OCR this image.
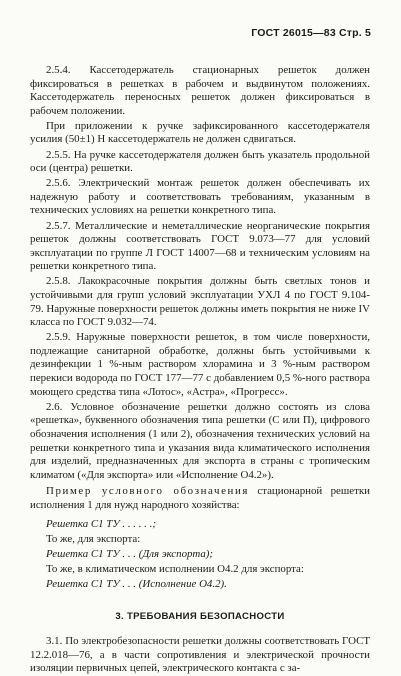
ГОСТ 26015—83 Стр. 5

2.5.4. Кассетодержатель стационарных решеток должен фиксироваться в решетках в рабочем и выдвинутом положениях. Кассетодержатель переносных решеток должен фиксироваться в рабочем положении.

При приложении к ручке зафиксированного кассетодержателя усилия (50±1) Н кассетодержатель не должен сдвигаться.

2.5.5. На ручке кассетодержателя должен быть указатель продольной оси (центра) решетки.

2.5.6. Электрический монтаж решеток должен обеспечивать их надежную работу и соответствовать требованиям, указанным в технических условиях на решетки конкретного типа.

2.5.7. Металлические и неметаллические неорганические покрытия решеток должны соответствовать ГОСТ 9.073—77 для условий эксплуатации по группе Л ГОСТ 14007—68 и техническим условиям на решетки конкретного типа.

2.5.8. Лакокрасочные покрытия должны быть светлых тонов и устойчивыми для групп условий эксплуатации УХЛ 4 по ГОСТ 9.104-79. Наружные поверхности решеток должны иметь покрытия не ниже IV класса по ГОСТ 9.032—74.

2.5.9. Наружные поверхности решеток, в том числе поверхности, подлежащие санитарной обработке, должны быть устойчивыми к дезинфекции 1 %-ным раствором хлорамина и 3 %-ным раствором перекиси водорода по ГОСТ 177—77 с добавлением 0,5 %-ного раствора моющего средства типа «Лотос», «Астра», «Прогресс».

2.6. Условное обозначение решетки должно состоять из слова «решетка», буквенного обозначения типа решетки (С или П), цифрового обозначения исполнения (1 или 2), обозначения технических условий на решетки конкретного типа и указания вида климатического исполнения для изделий, предназначенных для экспорта в страны с тропическим климатом («Для экспорта» или «Исполнение О4.2»).

Пример условного обозначения стационарной решетки исполнения 1 для нужд народного хозяйства:

Решетка С1 ТУ . . . . . .;
То же, для экспорта:
Решетка С1 ТУ . . . (Для экспорта);
То же, в климатическом исполнении О4.2 для экспорта:
Решетка С1 ТУ . . . (Исполнение О4.2).
3. ТРЕБОВАНИЯ БЕЗОПАСНОСТИ

3.1. По электробезопасности решетки должны соответствовать ГОСТ 12.2.018—76, а в части сопротивления и электрической прочности изоляции первичных цепей, электрического контакта с за-
